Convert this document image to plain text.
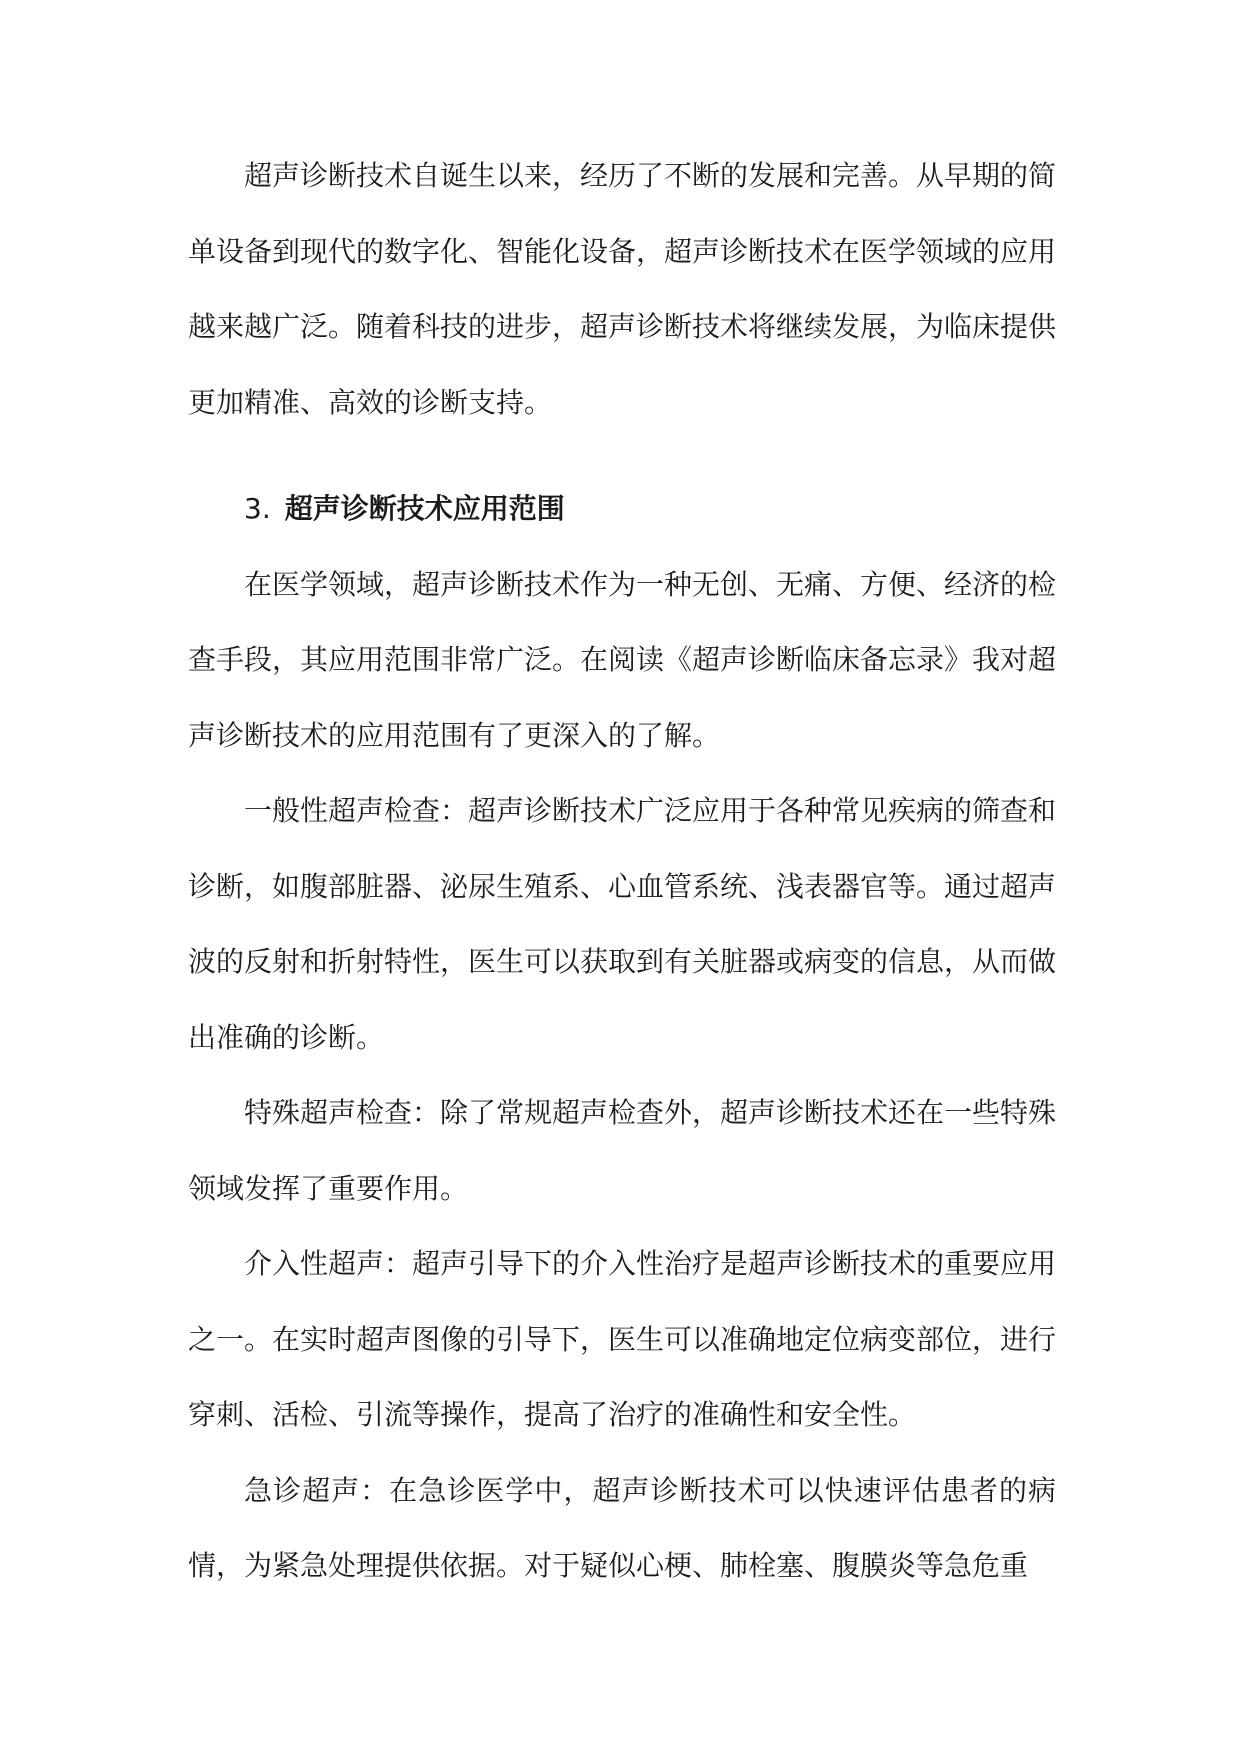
超声诊断技术自诞生以来，经历了不断的发展和完善。从早期的简单设备到现代的数字化、智能化设备，超声诊断技术在医学领域的应用越来越广泛。随着科技的进步，超声诊断技术将继续发展，为临床提供更加精准、高效的诊断支持。

3. 超声诊断技术应用范围

在医学领域，超声诊断技术作为一种无创、无痛、方便、经济的检查手段，其应用范围非常广泛。在阅读《超声诊断临床备忘录》我对超声诊断技术的应用范围有了更深入的了解。

一般性超声检查：超声诊断技术广泛应用于各种常见疾病的筛查和诊断，如腹部脏器、泌尿生殖系、心血管系统、浅表器官等。通过超声波的反射和折射特性，医生可以获取到有关脏器或病变的信息，从而做出准确的诊断。

特殊超声检查：除了常规超声检查外，超声诊断技术还在一些特殊领域发挥了重要作用。

介入性超声：超声引导下的介入性治疗是超声诊断技术的重要应用之一。在实时超声图像的引导下，医生可以准确地定位病变部位，进行穿刺、活检、引流等操作，提高了治疗的准确性和安全性。

急诊超声：在急诊医学中，超声诊断技术可以快速评估患者的病情，为紧急处理提供依据。对于疑似心梗、肺栓塞、腹膜炎等急危重
